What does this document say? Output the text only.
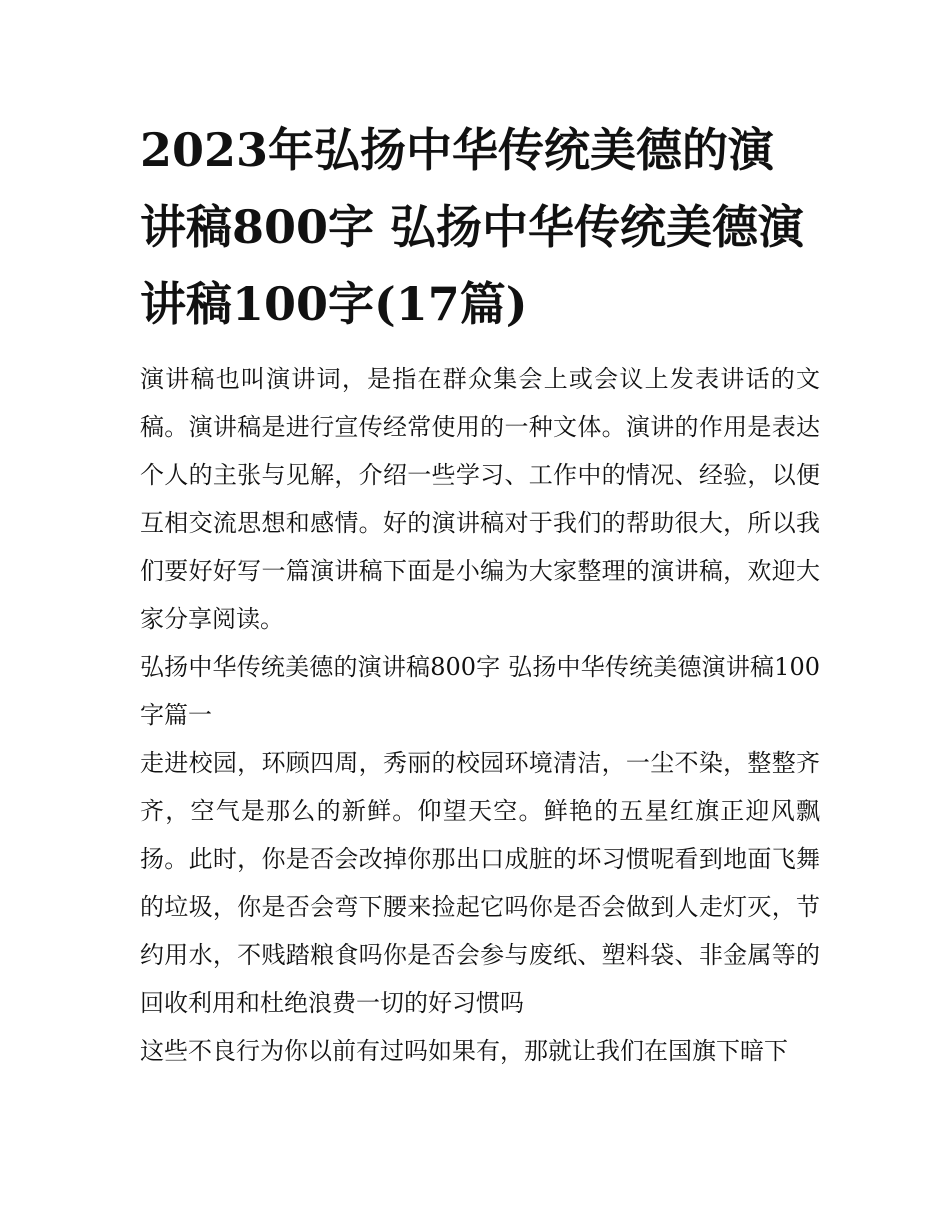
2023年弘扬中华传统美德的演讲稿800字 弘扬中华传统美德演讲稿100字(17篇)

演讲稿也叫演讲词，是指在群众集会上或会议上发表讲话的文稿。演讲稿是进行宣传经常使用的一种文体。演讲的作用是表达个人的主张与见解，介绍一些学习、工作中的情况、经验，以便互相交流思想和感情。好的演讲稿对于我们的帮助很大，所以我们要好好写一篇演讲稿下面是小编为大家整理的演讲稿，欢迎大家分享阅读。

弘扬中华传统美德的演讲稿800字 弘扬中华传统美德演讲稿100字篇一

走进校园，环顾四周，秀丽的校园环境清洁，一尘不染，整整齐齐，空气是那么的新鲜。仰望天空。鲜艳的五星红旗正迎风飘扬。此时，你是否会改掉你那出口成脏的坏习惯呢看到地面飞舞的垃圾，你是否会弯下腰来捡起它吗你是否会做到人走灯灭，节约用水，不贱踏粮食吗你是否会参与废纸、塑料袋、非金属等的回收利用和杜绝浪费一切的好习惯吗

这些不良行为你以前有过吗如果有，那就让我们在国旗下暗下
